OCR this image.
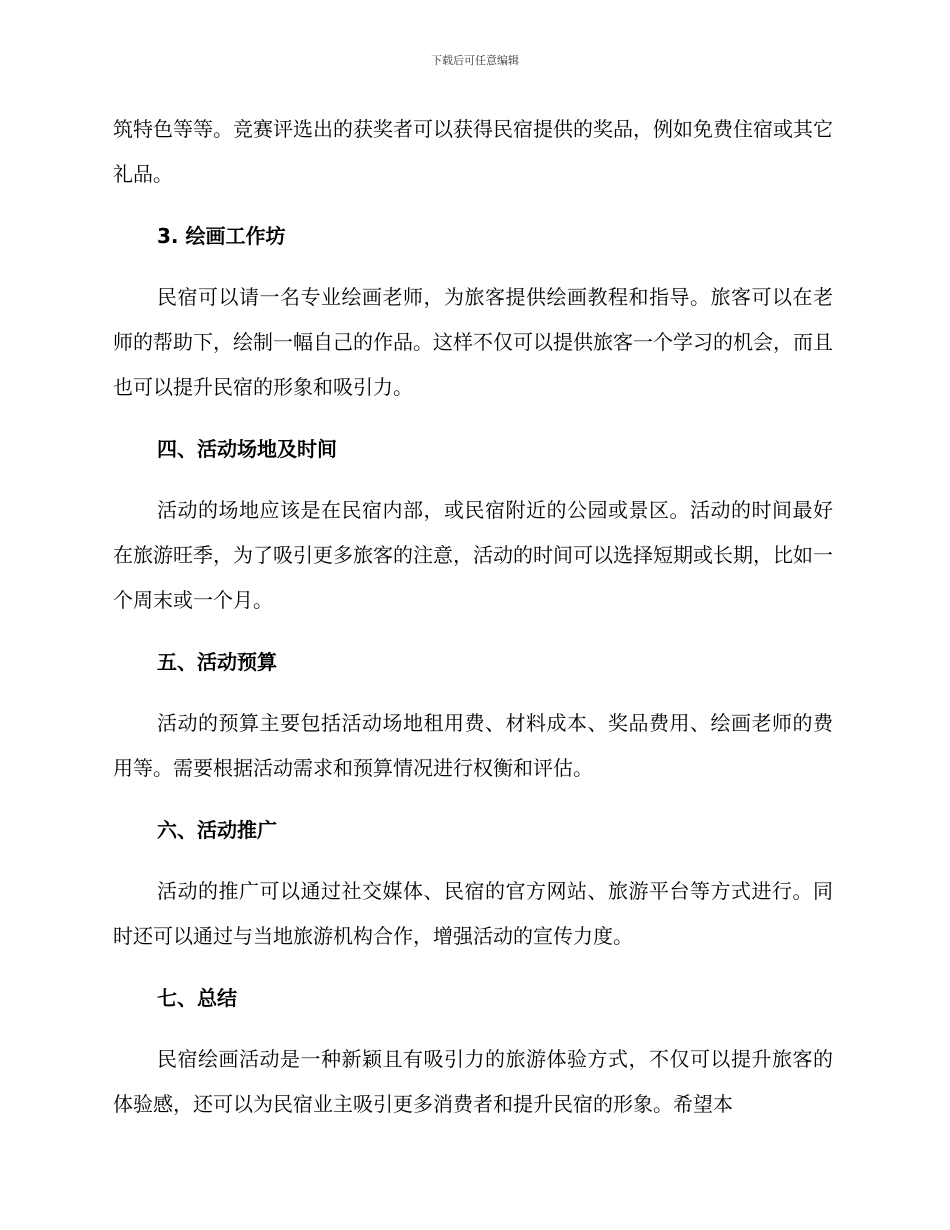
下载后可任意编辑

筑特色等等。竞赛评选出的获奖者可以获得民宿提供的奖品，例如免费住宿或其它礼品。

3. 绘画工作坊

民宿可以请一名专业绘画老师，为旅客提供绘画教程和指导。旅客可以在老师的帮助下，绘制一幅自己的作品。这样不仅可以提供旅客一个学习的机会，而且也可以提升民宿的形象和吸引力。

四、活动场地及时间

活动的场地应该是在民宿内部，或民宿附近的公园或景区。活动的时间最好在旅游旺季，为了吸引更多旅客的注意，活动的时间可以选择短期或长期，比如一个周末或一个月。

五、活动预算

活动的预算主要包括活动场地租用费、材料成本、奖品费用、绘画老师的费用等。需要根据活动需求和预算情况进行权衡和评估。

六、活动推广

活动的推广可以通过社交媒体、民宿的官方网站、旅游平台等方式进行。同时还可以通过与当地旅游机构合作，增强活动的宣传力度。

七、总结

民宿绘画活动是一种新颖且有吸引力的旅游体验方式，不仅可以提升旅客的体验感，还可以为民宿业主吸引更多消费者和提升民宿的形象。希望本
